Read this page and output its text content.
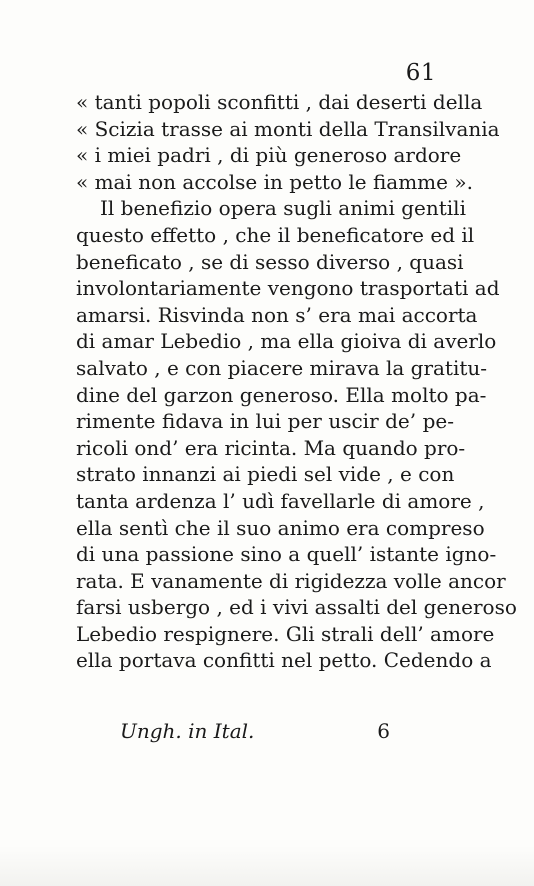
61
« tanti popoli sconfitti , dai deserti della
« Scizia trasse ai monti della Transilvania
« i miei padri , di più generoso ardore
« mai non accolse in petto le fiamme ».
Il benefizio opera sugli animi gentili
questo effetto , che il beneficatore ed il
beneficato , se di sesso diverso , quasi
involontariamente vengono trasportati ad
amarsi. Risvinda non s’ era mai accorta
di amar Lebedio , ma ella gioiva di averlo
salvato , e con piacere mirava la gratitu-
dine del garzon generoso. Ella molto pa-
rimente fidava in lui per uscir de’ pe-
ricoli ond’ era ricinta. Ma quando pro-
strato innanzi ai piedi sel vide , e con
tanta ardenza l’ udì favellarle di amore ,
ella sentì che il suo animo era compreso
di una passione sino a quell’ istante igno-
rata. E vanamente di rigidezza volle ancor
farsi usbergo , ed i vivi assalti del generoso
Lebedio respignere. Gli strali dell’ amore
ella portava confitti nel petto. Cedendo a
Ungh. in Ital.	6
